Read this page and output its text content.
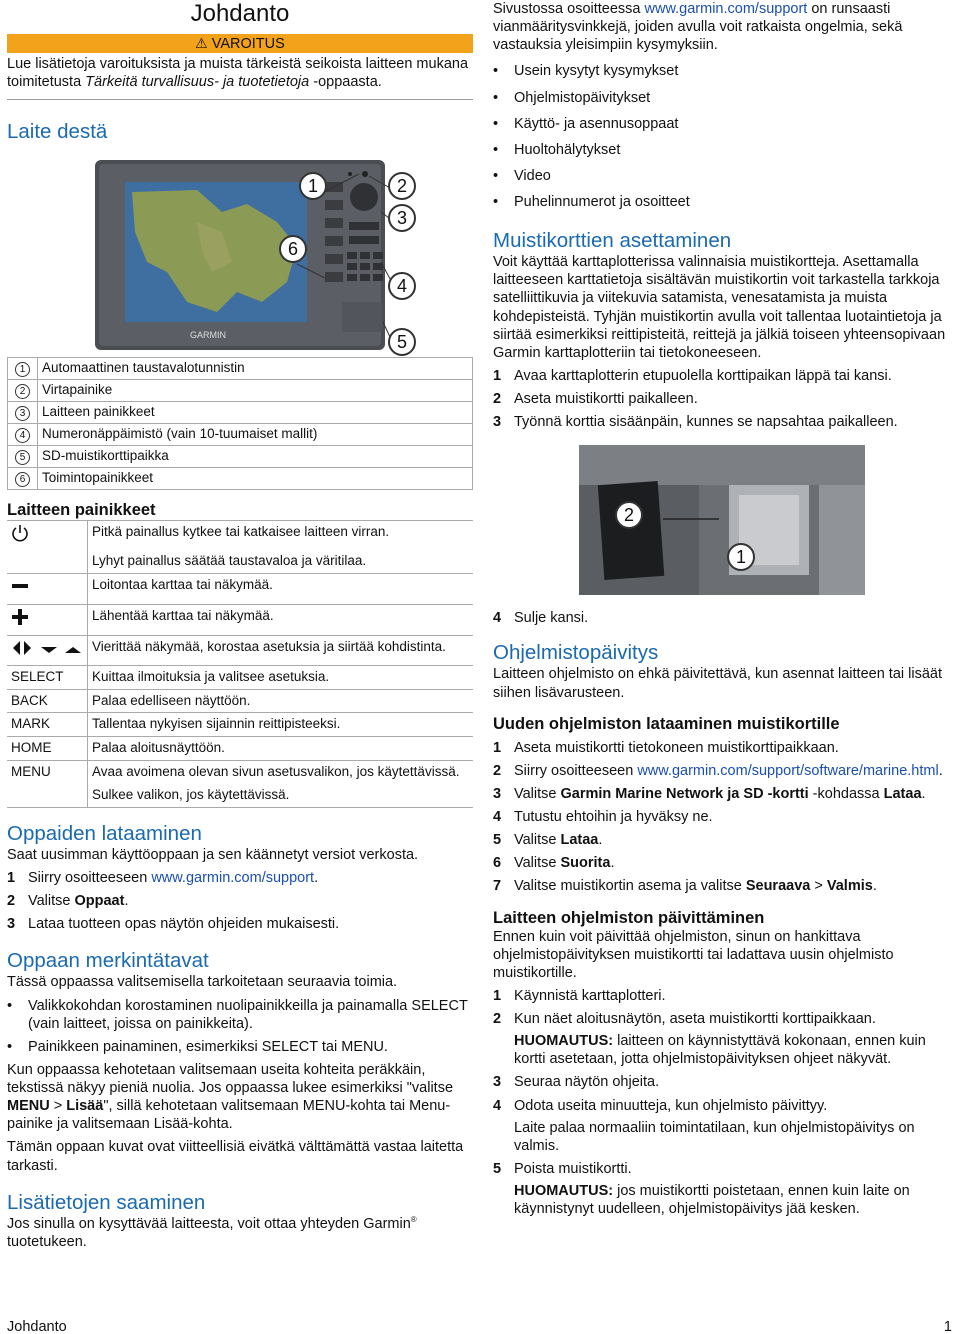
Johdanto
⚠ VAROITUS

Lue lisätietoja varoituksista ja muista tärkeistä seikoista laitteen mukana toimitetusta Tärkeitä turvallisuus- ja tuotetietoja -oppaasta.

Laite destä
GARMIN
1	2
3
4
6
5
1	Automaattinen taustavalotunnistin
2	Virtapainike
3	Laitteen painikkeet
4	Numeronäppäimistö (vain 10-tuumaiset mallit)
5	SD-muistikorttipaikka
6	Toimintopainikkeet
Laitteen painikkeet
	Pitkä painallus kytkee tai katkaisee laitteen virran.
	Lyhyt painallus säätää taustavaloa ja väritilaa.
	Loitontaa karttaa tai näkymää.
	Lähentää karttaa tai näkymää.
	Vierittää näkymää, korostaa asetuksia ja siirtää kohdistinta.
SELECT	Kuittaa ilmoituksia ja valitsee asetuksia.
BACK	Palaa edelliseen näyttöön.
MARK	Tallentaa nykyisen sijainnin reittipisteeksi.
HOME	Palaa aloitusnäyttöön.
MENU	Avaa avoimena olevan sivun asetusvalikon, jos käytettävissä.
	Sulkee valikon, jos käytettävissä.
Oppaiden lataaminen

Saat uusimman käyttöoppaan ja sen käännetyt versiot verkosta.

1 Siirry osoitteeseen www.garmin.com/support.
2 Valitse Oppaat.
3 Lataa tuotteen opas näytön ohjeiden mukaisesti.
Oppaan merkintätavat

Tässä oppaassa valitsemisella tarkoitetaan seuraavia toimia.

• Valikkokohdan korostaminen nuolipainikkeilla ja painamalla SELECT (vain laitteet, joissa on painikkeita).
• Painikkeen painaminen, esimerkiksi SELECT tai MENU.

Kun oppaassa kehotetaan valitsemaan useita kohteita peräkkäin, tekstissä näkyy pieniä nuolia. Jos oppaassa lukee esimerkiksi "valitse MENU > Lisää", sillä kehotetaan valitsemaan MENU-kohta tai Menu-painike ja valitsemaan Lisää-kohta.

Tämän oppaan kuvat ovat viitteellisiä eivätkä välttämättä vastaa laitetta tarkasti.

Lisätietojen saaminen

Jos sinulla on kysyttävää laitteesta, voit ottaa yhteyden Garmin® tuotetukeen.

Sivustossa osoitteessa www.garmin.com/support on runsaasti vianmääritysvinkkejä, joiden avulla voit ratkaista ongelmia, sekä vastauksia yleisimpiin kysymyksiin.

• Usein kysytyt kysymykset
• Ohjelmistopäivitykset
• Käyttö- ja asennusoppaat
• Huoltohälytykset
• Video
• Puhelinnumerot ja osoitteet
Muistikorttien asettaminen

Voit käyttää karttaplotterissa valinnaisia muistikortteja. Asettamalla laitteeseen karttatietoja sisältävän muistikortin voit tarkastella tarkkoja satelliittikuvia ja viitekuvia satamista, venesatamista ja muista kohdepisteistä. Tyhjän muistikortin avulla voit tallentaa luotaintietoja ja siirtää esimerkiksi reittipisteitä, reittejä ja jälkiä toiseen yhteensopivaan Garmin karttaplotteriin tai tietokoneeseen.

1 Avaa karttaplotterin etupuolella korttipaikan läppä tai kansi.
2 Aseta muistikortti paikalleen.
3 Työnnä korttia sisäänpäin, kunnes se napsahtaa paikalleen.
2
1
4 Sulje kansi.
Ohjelmistopäivitys

Laitteen ohjelmisto on ehkä päivitettävä, kun asennat laitteen tai lisäät siihen lisävarusteen.

Uuden ohjelmiston lataaminen muistikortille
1 Aseta muistikortti tietokoneen muistikorttipaikkaan.
2 Siirry osoitteeseen www.garmin.com/support/software/marine.html.
3 Valitse Garmin Marine Network ja SD -kortti -kohdassa Lataa.
4 Tutustu ehtoihin ja hyväksy ne.
5 Valitse Lataa.
6 Valitse Suorita.
7 Valitse muistikortin asema ja valitse Seuraava > Valmis.
Laitteen ohjelmiston päivittäminen

Ennen kuin voit päivittää ohjelmiston, sinun on hankittava ohjelmistopäivityksen muistikortti tai ladattava uusin ohjelmisto muistikortille.

1 Käynnistä karttaplotteri.
2 Kun näet aloitusnäytön, aseta muistikortti korttipaikkaan.

HUOMAUTUS: laitteen on käynnistyttävä kokonaan, ennen kuin kortti asetetaan, jotta ohjelmistopäivityksen ohjeet näkyvät.

3 Seuraa näytön ohjeita.
4 Odota useita minuutteja, kun ohjelmisto päivittyy.

Laite palaa normaaliin toimintatilaan, kun ohjelmistopäivitys on valmis.

5 Poista muistikortti.

HUOMAUTUS: jos muistikortti poistetaan, ennen kuin laite on käynnistynyt uudelleen, ohjelmistopäivitys jää kesken.

Johdanto	1
